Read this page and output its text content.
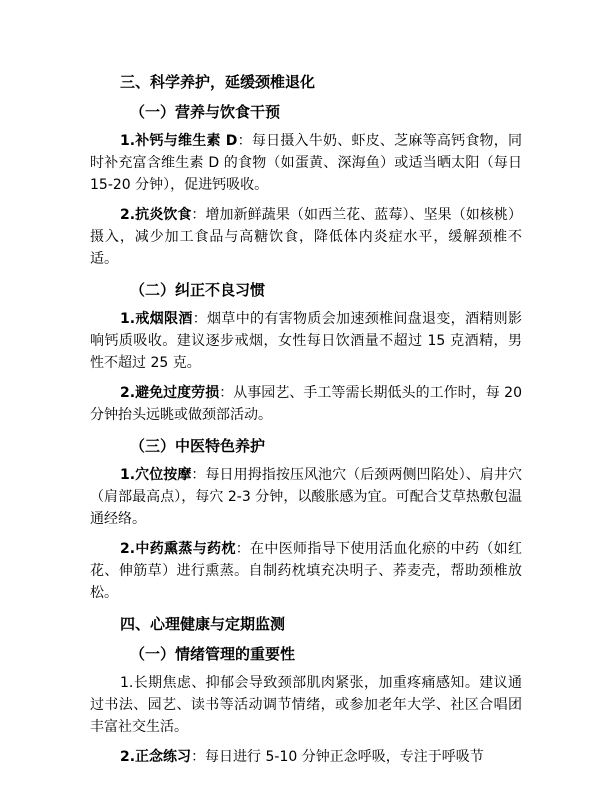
三、科学养护，延缓颈椎退化
（一）营养与饮食干预

1.补钙与维生素 D：每日摄入牛奶、虾皮、芝麻等高钙食物，同时补充富含维生素 D 的食物（如蛋黄、深海鱼）或适当晒太阳（每日 15-20 分钟），促进钙吸收。

2.抗炎饮食：增加新鲜蔬果（如西兰花、蓝莓）、坚果（如核桃）摄入，减少加工食品与高糖饮食，降低体内炎症水平，缓解颈椎不适。

（二）纠正不良习惯

1.戒烟限酒：烟草中的有害物质会加速颈椎间盘退变，酒精则影响钙质吸收。建议逐步戒烟，女性每日饮酒量不超过 15 克酒精，男性不超过 25 克。

2.避免过度劳损：从事园艺、手工等需长期低头的工作时，每 20 分钟抬头远眺或做颈部活动。

（三）中医特色养护

1.穴位按摩：每日用拇指按压风池穴（后颈两侧凹陷处）、肩井穴（肩部最高点），每穴 2-3 分钟，以酸胀感为宜。可配合艾草热敷包温通经络。

2.中药熏蒸与药枕：在中医师指导下使用活血化瘀的中药（如红花、伸筋草）进行熏蒸。自制药枕填充决明子、荞麦壳，帮助颈椎放松。

四、心理健康与定期监测
（一）情绪管理的重要性

1.长期焦虑、抑郁会导致颈部肌肉紧张，加重疼痛感知。建议通过书法、园艺、读书等活动调节情绪，或参加老年大学、社区合唱团丰富社交生活。

2.正念练习：每日进行 5-10 分钟正念呼吸，专注于呼吸节
